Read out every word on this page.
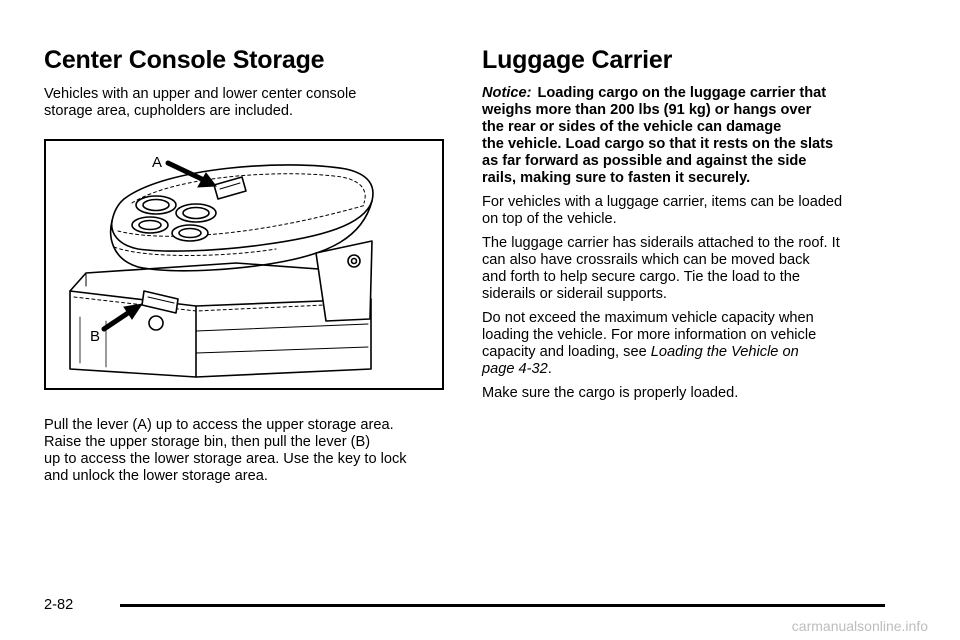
Center Console Storage

Vehicles with an upper and lower center console
storage area, cupholders are included.

A
B

Pull the lever (A) up to access the upper storage area.
Raise the upper storage bin, then pull the lever (B)
up to access the lower storage area. Use the key to lock
and unlock the lower storage area.

Luggage Carrier

Notice: Loading cargo on the luggage carrier that
weighs more than 200 lbs (91 kg) or hangs over
the rear or sides of the vehicle can damage
the vehicle. Load cargo so that it rests on the slats
as far forward as possible and against the side
rails, making sure to fasten it securely.

For vehicles with a luggage carrier, items can be loaded
on top of the vehicle.

The luggage carrier has siderails attached to the roof. It
can also have crossrails which can be moved back
and forth to help secure cargo. Tie the load to the
siderails or siderail supports.

Do not exceed the maximum vehicle capacity when
loading the vehicle. For more information on vehicle
capacity and loading, see Loading the Vehicle on
page 4-32.

Make sure the cargo is properly loaded.

2-82
carmanualsonline.info
